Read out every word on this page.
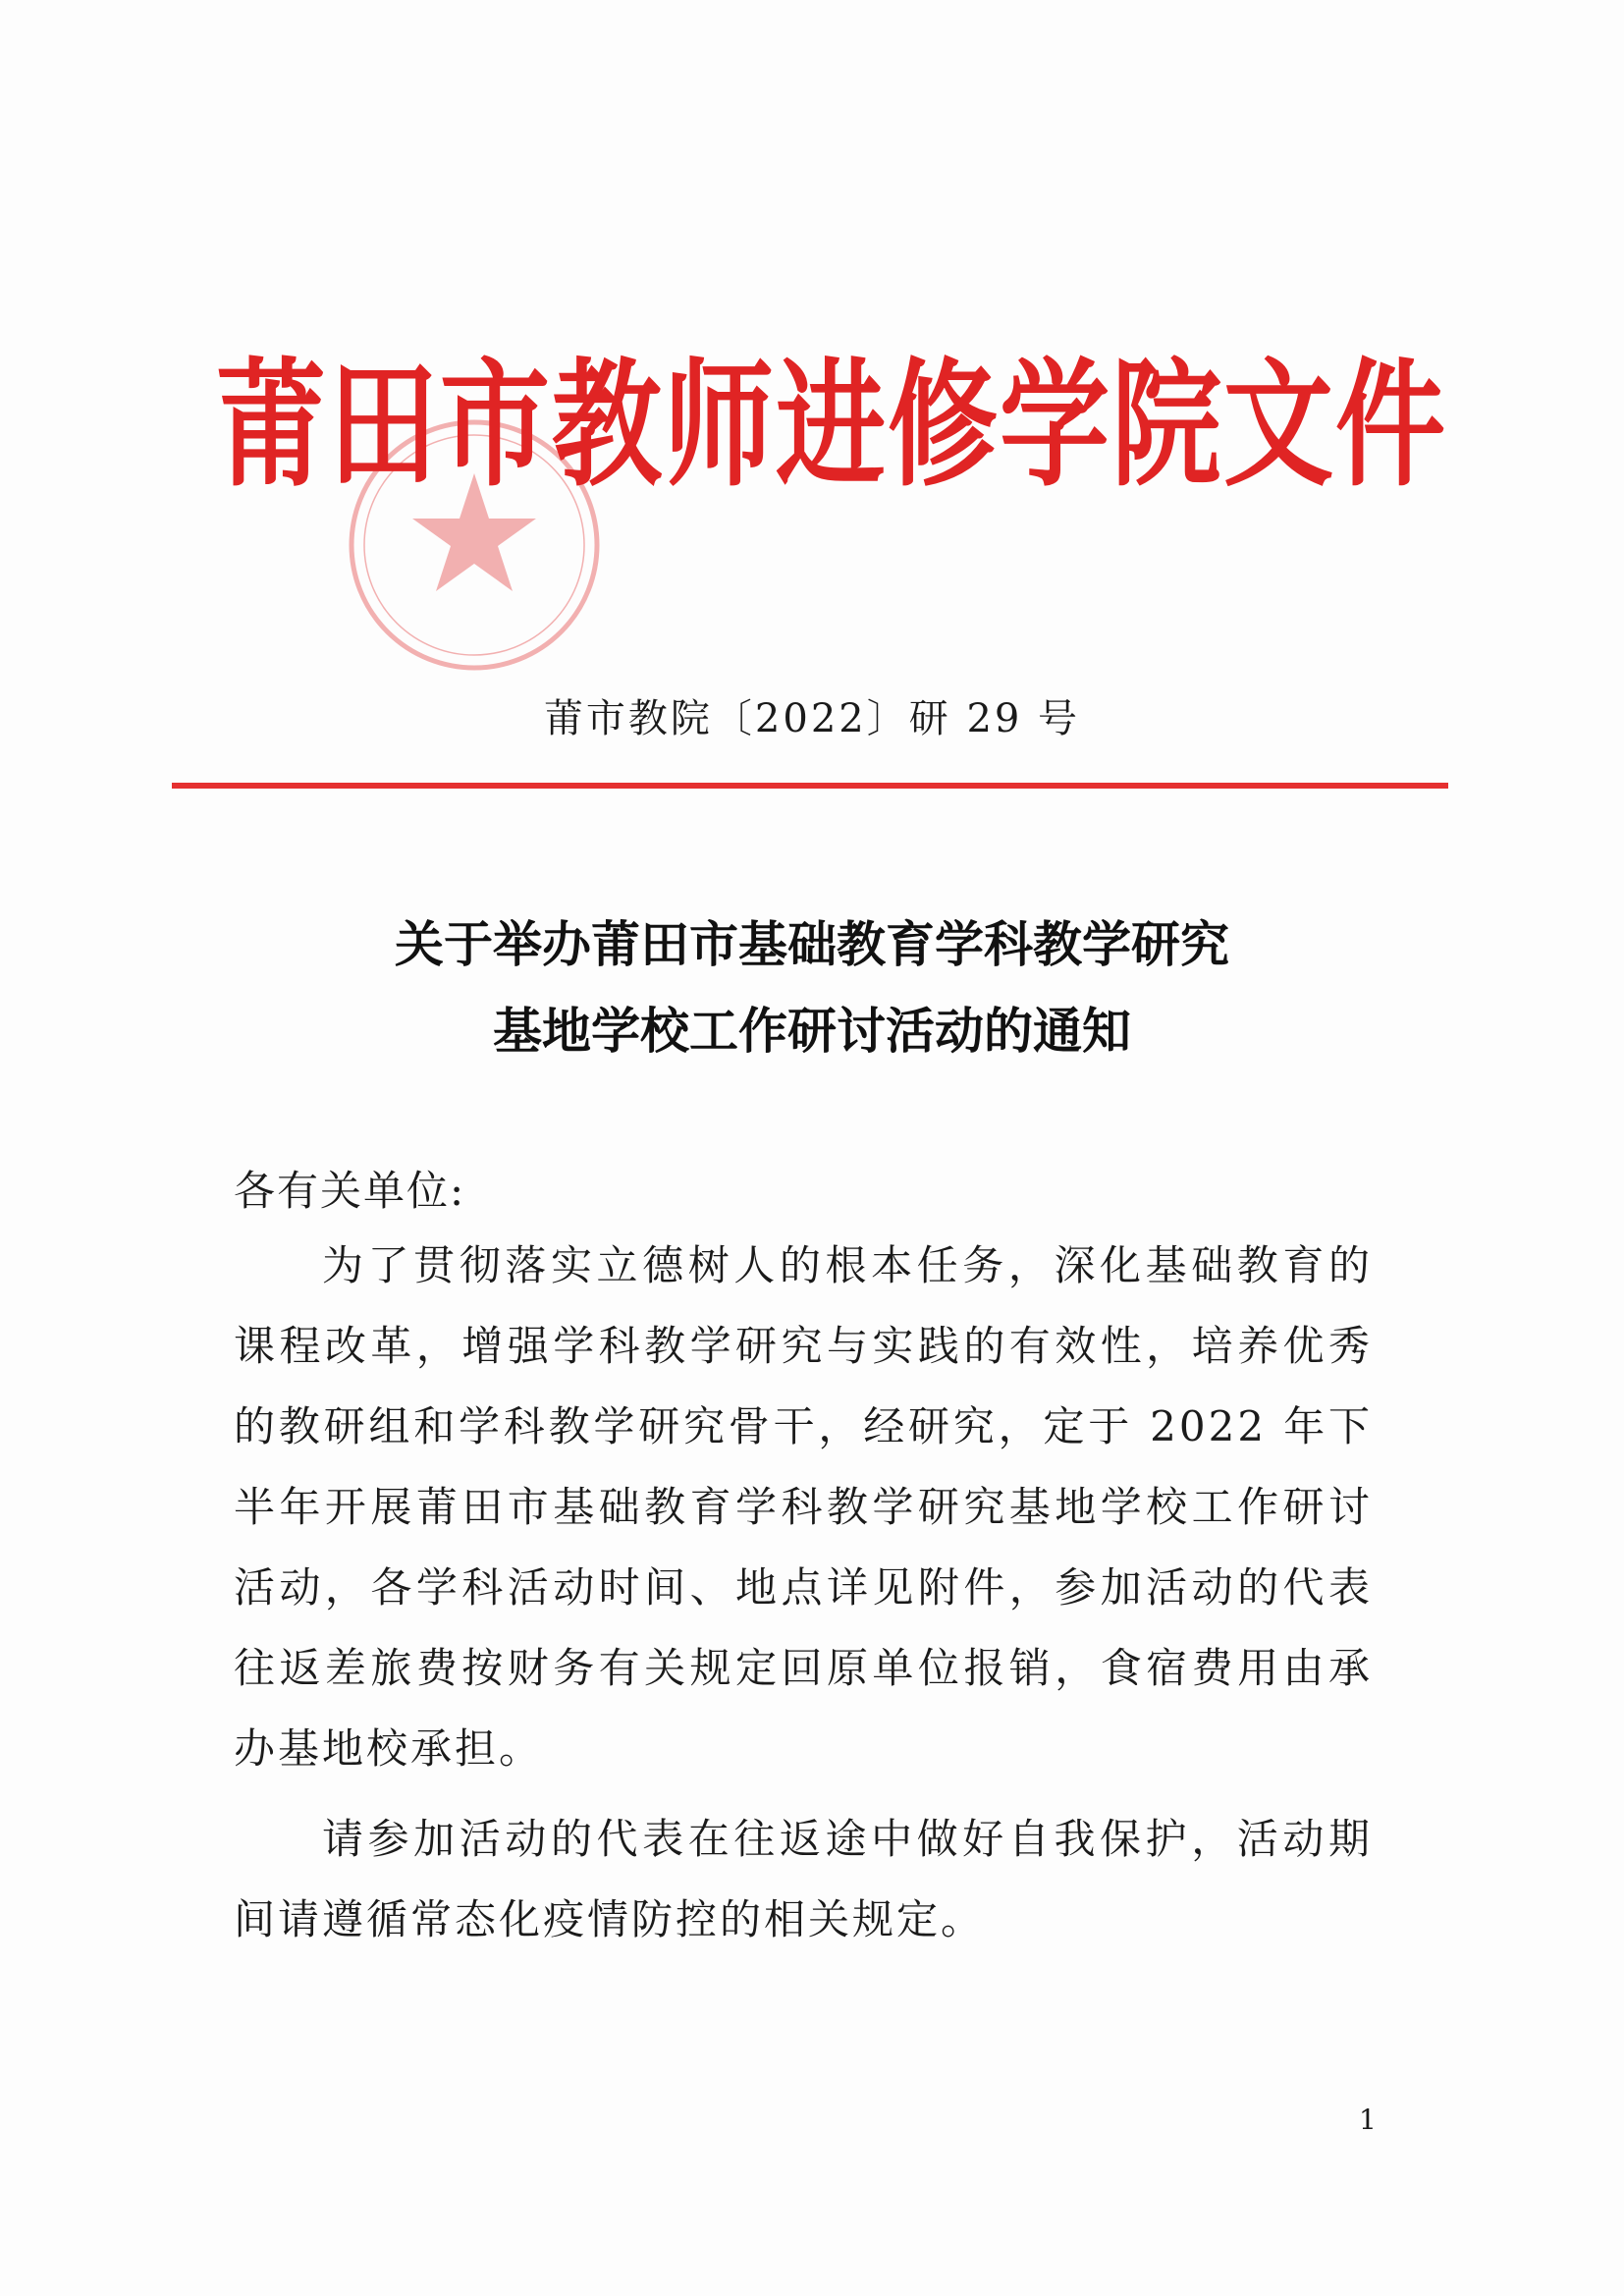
莆田市教师进修学院文件
莆市教院〔2022〕研 29 号
关于举办莆田市基础教育学科教学研究
基地学校工作研讨活动的通知
各有关单位:
为了贯彻落实立德树人的根本任务，深化基础教育的课程改革，增强学科教学研究与实践的有效性，培养优秀的教研组和学科教学研究骨干，经研究，定于 2022 年下半年开展莆田市基础教育学科教学研究基地学校工作研讨活动，各学科活动时间、地点详见附件，参加活动的代表往返差旅费按财务有关规定回原单位报销，食宿费用由承办基地校承担。
请参加活动的代表在往返途中做好自我保护，活动期间请遵循常态化疫情防控的相关规定。
1
